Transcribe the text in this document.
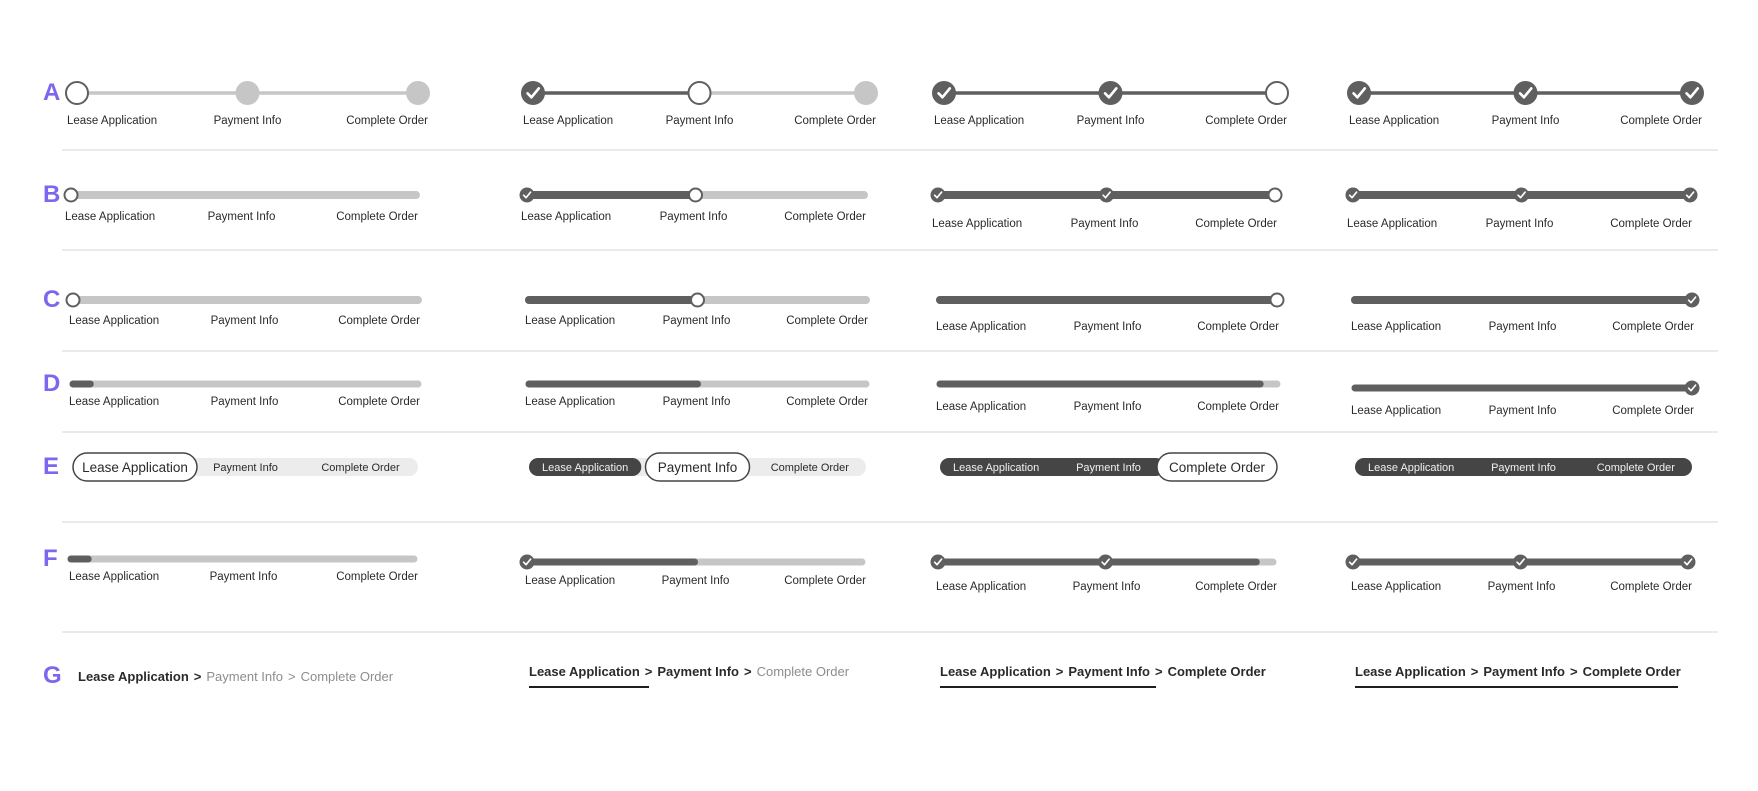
A
B
C
D
E
F
G
Lease Application	Payment Info	Complete Order	Lease Application	Payment Info	Complete Order	Lease Application	Payment Info	Complete Order	Lease Application	Payment Info	Complete Order
Lease Application	Payment Info	Complete Order	Lease Application	Payment Info	Complete Order
Lease Application	Payment Info	Complete Order	Lease Application	Payment Info	Complete Order
Lease Application	Payment Info	Complete Order	Lease Application	Payment Info	Complete Order	Lease Application	Payment Info	Complete Order	Lease Application	Payment Info	Complete Order
Lease Application	Payment Info	Complete Order	Lease Application	Payment Info	Complete Order	Lease Application	Payment Info	Complete Order	Lease Application	Payment Info	Complete Order
Lease Application Payment Info	Complete Order	Lease Application Payment Info	Complete Order	Lease Application	Payment Info Complete Order	Lease Application	Payment Info	Complete Order
Lease Application	Payment Info	Complete Order	Lease Application	Payment Info	Complete Order	Lease Application	Payment Info	Complete Order	Lease Application	Payment Info	Complete Order
Lease Application > Payment Info > Complete Order	Lease Application > Payment Info > Complete Order	Lease Application > Payment Info > Complete Order	Lease Application > Payment Info > Complete Order
